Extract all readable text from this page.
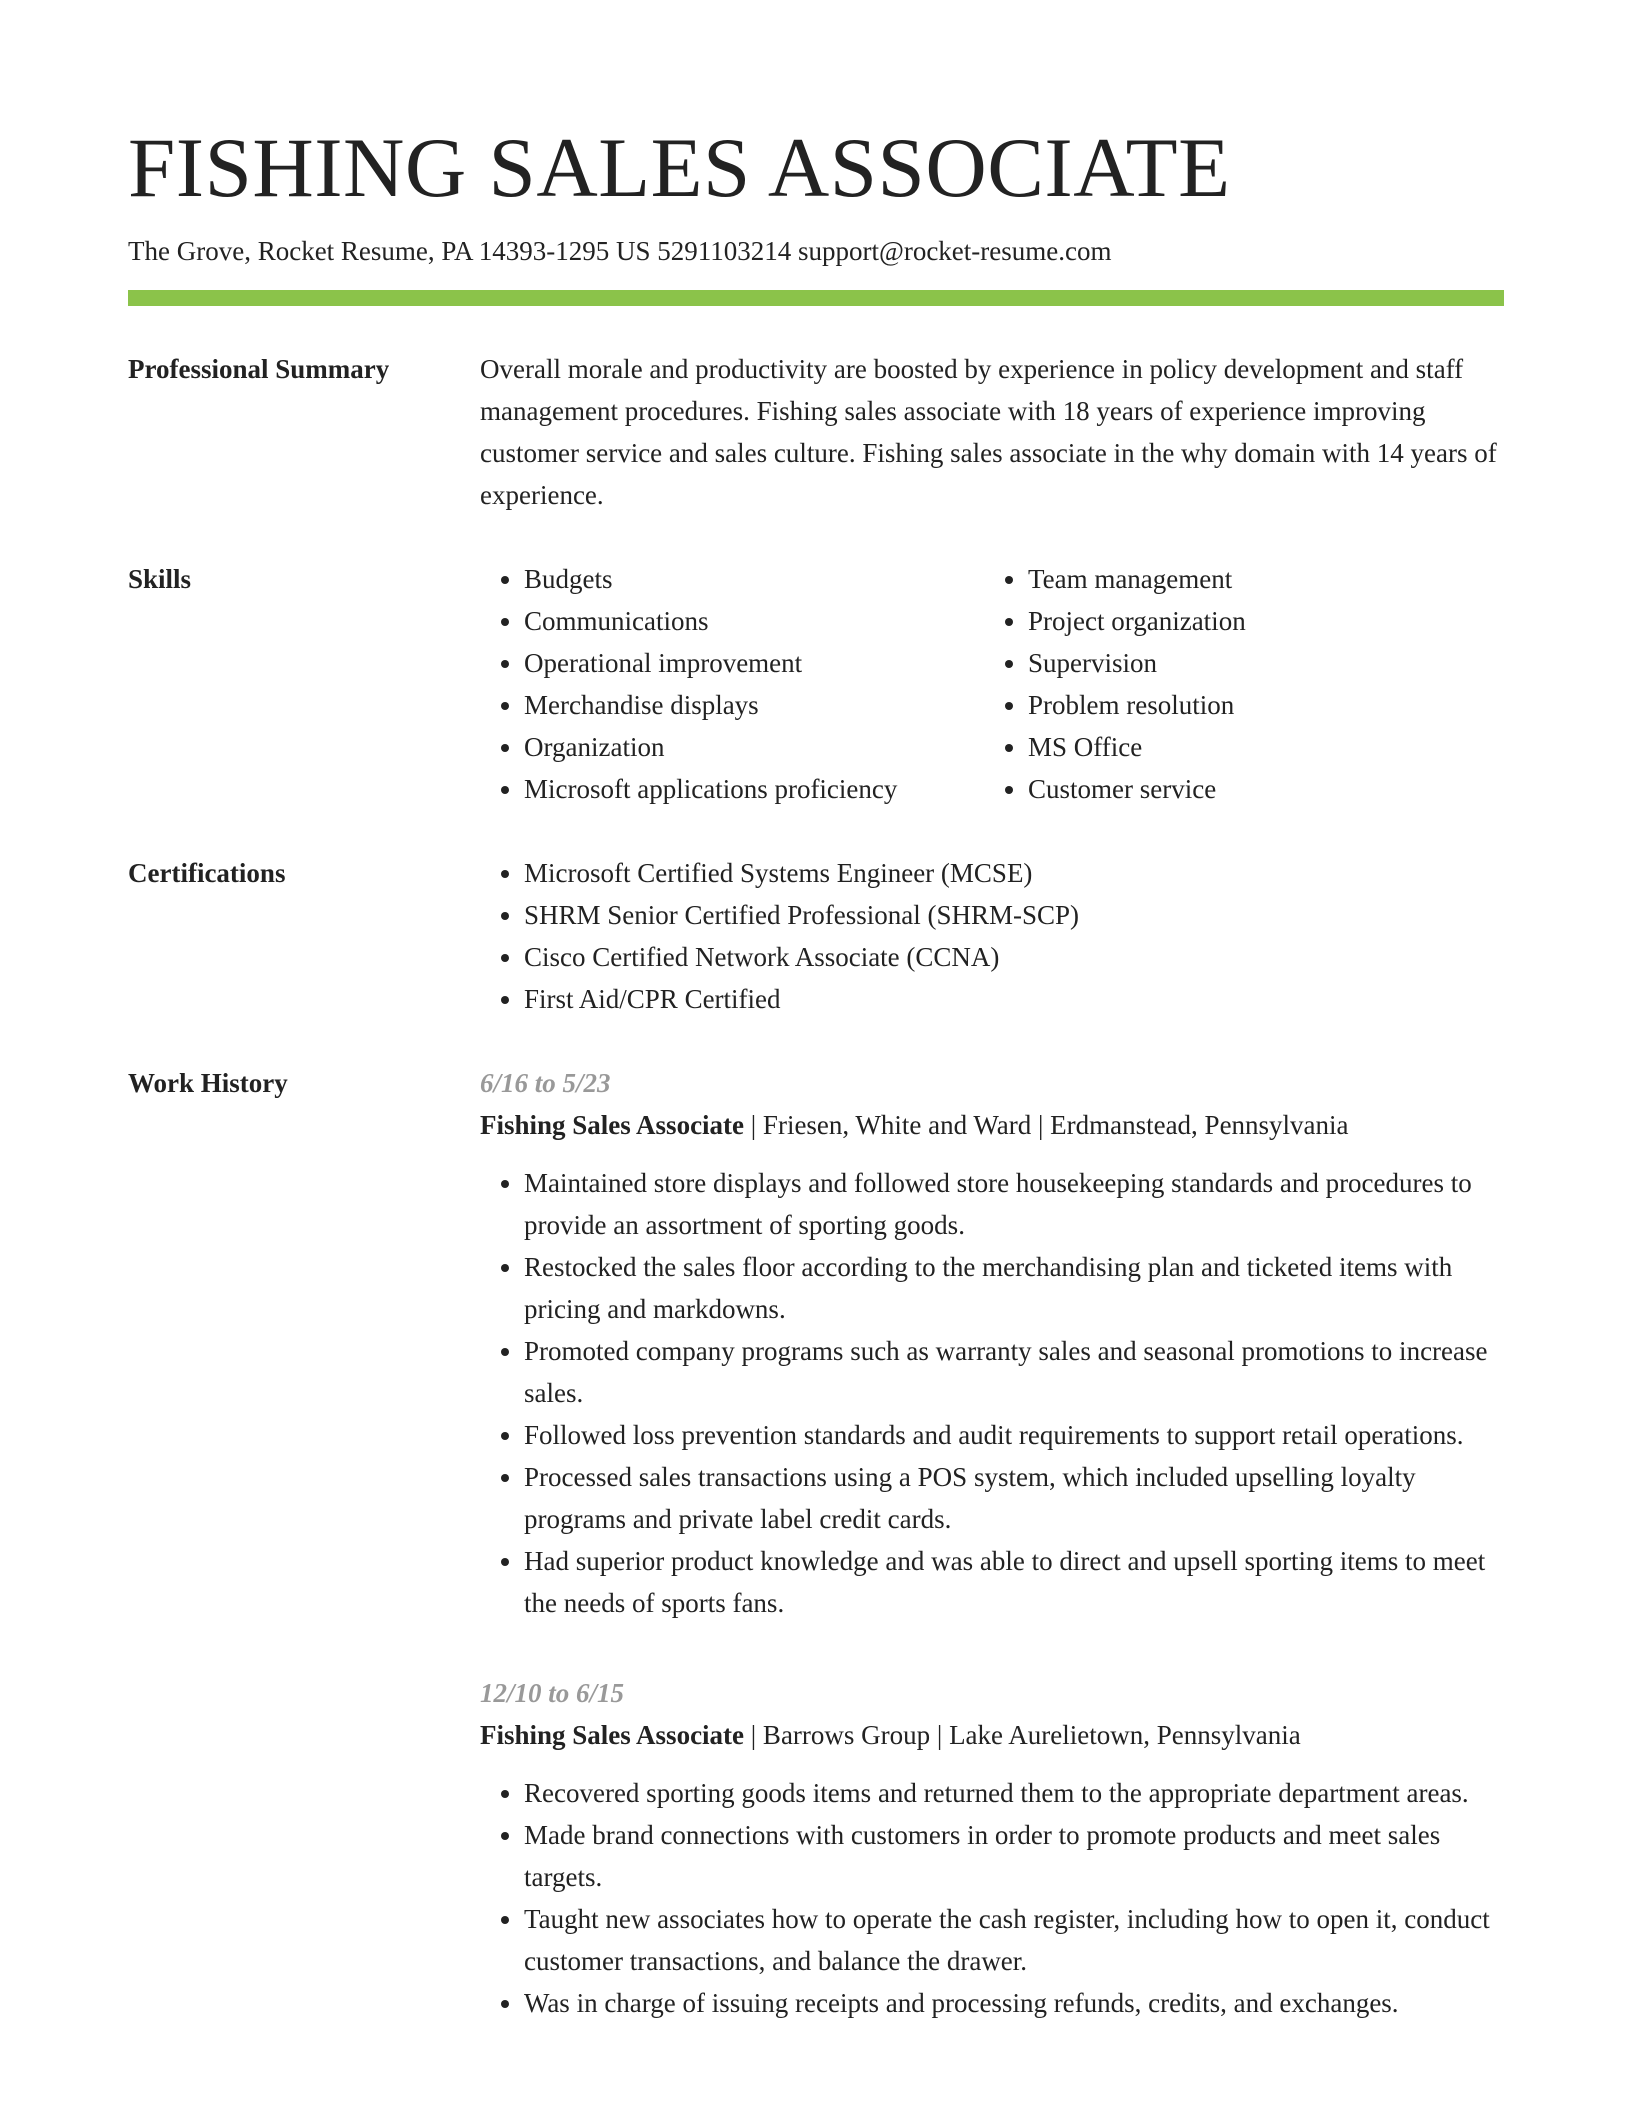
FISHING SALES ASSOCIATE
The Grove, Rocket Resume, PA 14393-1295 US 5291103214 support@rocket-resume.com
Professional Summary	Overall morale and productivity are boosted by experience in policy development and staff management procedures. Fishing sales associate with 18 years of experience improving customer service and sales culture. Fishing sales associate in the why domain with 14 years of experience.

Skills	• Budgets
• Communications
• Operational improvement
• Merchandise displays
• Organization
• Microsoft applications proficiency
• Team management
• Project organization
• Supervision
• Problem resolution
• MS Office
• Customer service
Certifications	• Microsoft Certified Systems Engineer (MCSE)
• SHRM Senior Certified Professional (SHRM-SCP)
• Cisco Certified Network Associate (CCNA)
• First Aid/CPR Certified
Work History	6/16 to 5/23
Fishing Sales Associate | Friesen, White and Ward | Erdmanstead, Pennsylvania
• Maintained store displays and followed store housekeeping standards and procedures to provide an assortment of sporting goods.
• Restocked the sales floor according to the merchandising plan and ticketed items with pricing and markdowns.
• Promoted company programs such as warranty sales and seasonal promotions to increase sales.
• Followed loss prevention standards and audit requirements to support retail operations.
• Processed sales transactions using a POS system, which included upselling loyalty programs and private label credit cards.
• Had superior product knowledge and was able to direct and upsell sporting items to meet the needs of sports fans.
12/10 to 6/15
Fishing Sales Associate | Barrows Group | Lake Aurelietown, Pennsylvania
• Recovered sporting goods items and returned them to the appropriate department areas.
• Made brand connections with customers in order to promote products and meet sales targets.
• Taught new associates how to operate the cash register, including how to open it, conduct customer transactions, and balance the drawer.
• Was in charge of issuing receipts and processing refunds, credits, and exchanges.
